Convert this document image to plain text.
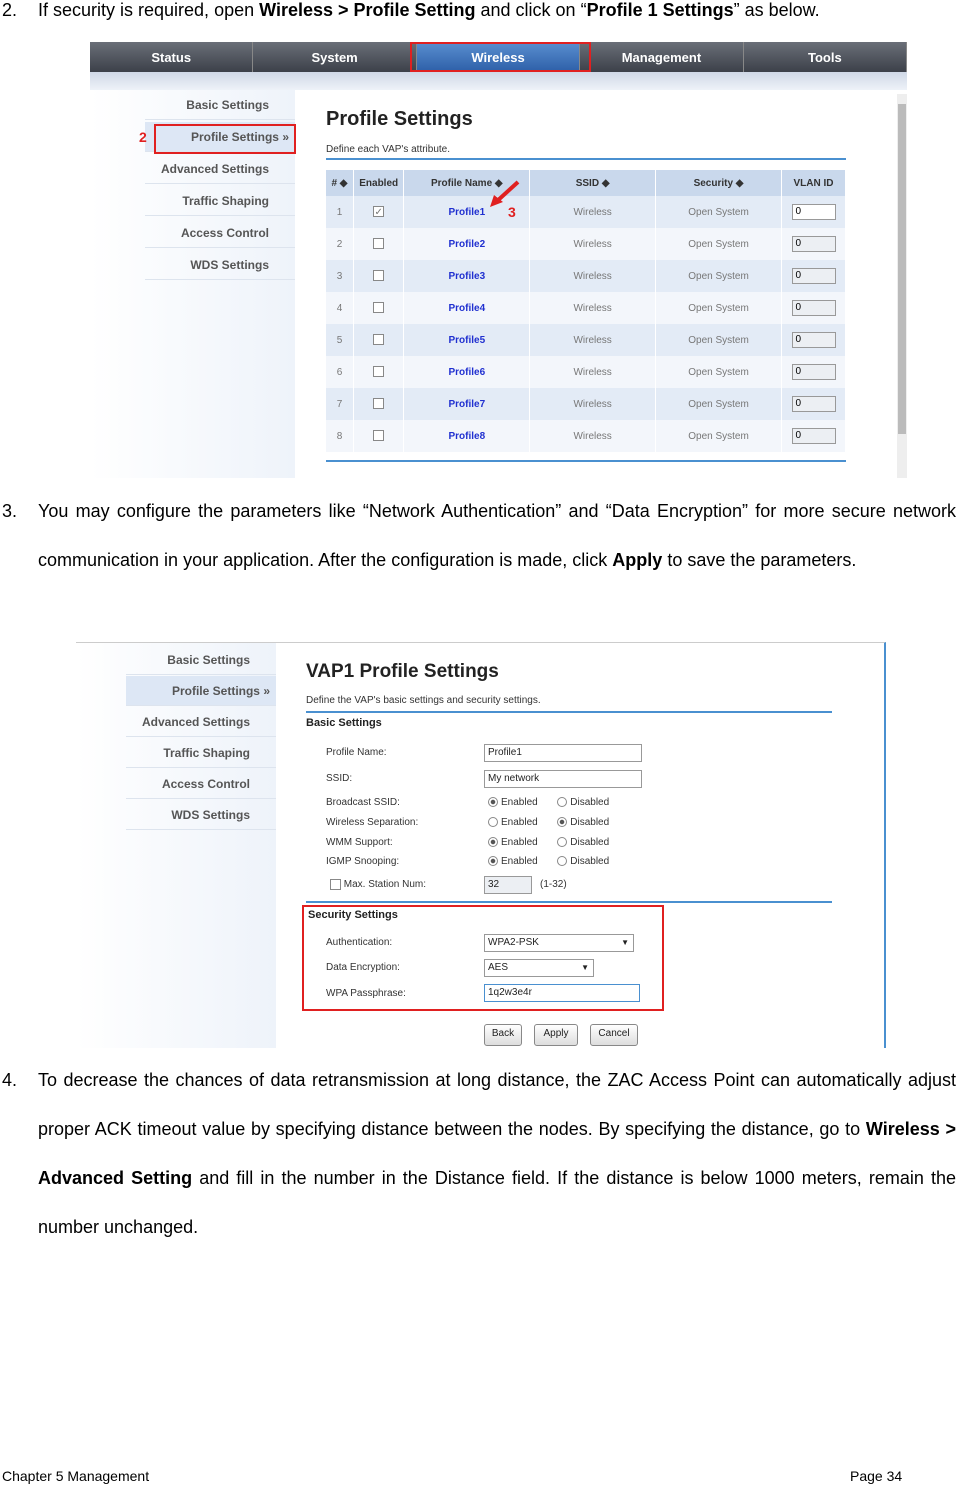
2. If security is required, open Wireless > Profile Setting and click on “Profile 1 Settings” as below.
Status	System	Wireless	Management	Tools
Basic Settings
Profile Settings »
Advanced Settings
Traffic Shaping
Access Control
WDS Settings
2
Profile Settings
Define each VAP's attribute.
# ◆	Enabled	Profile Name ◆	SSID ◆	Security ◆	VLAN ID
1	✓	Profile1	Wireless	Open System	0
2		Profile2	Wireless	Open System	0
3		Profile3	Wireless	Open System	0
4		Profile4	Wireless	Open System	0
5		Profile5	Wireless	Open System	0
6		Profile6	Wireless	Open System	0
7		Profile7	Wireless	Open System	0
8		Profile8	Wireless	Open System	0
3
3. You may configure the parameters like “Network Authentication” and “Data Encryption” for more secure network communication in your application. After the configuration is made, click Apply to save the parameters.
Basic Settings
Profile Settings »
Advanced Settings
Traffic Shaping
Access Control
WDS Settings
VAP1 Profile Settings
Define the VAP's basic settings and security settings.
Basic Settings
Profile Name:	Profile1
SSID:	My network
Broadcast SSID:	Enabled	Disabled
Wireless Separation:	Enabled	Disabled
WMM Support:	Enabled	Disabled
IGMP Snooping:	Enabled	Disabled
Max. Station Num:	32	(1-32)
Security Settings
Authentication:	WPA2-PSK	▼
Data Encryption:	AES	▼
WPA Passphrase:	1q2w3e4r
Back	Apply	Cancel
4. To decrease the chances of data retransmission at long distance, the ZAC Access Point can automatically adjust proper ACK timeout value by specifying distance between the nodes. By specifying the distance, go to Wireless > Advanced Setting and fill in the number in the Distance field. If the distance is below 1000 meters, remain the number unchanged.
Chapter 5 Management	Page 34
